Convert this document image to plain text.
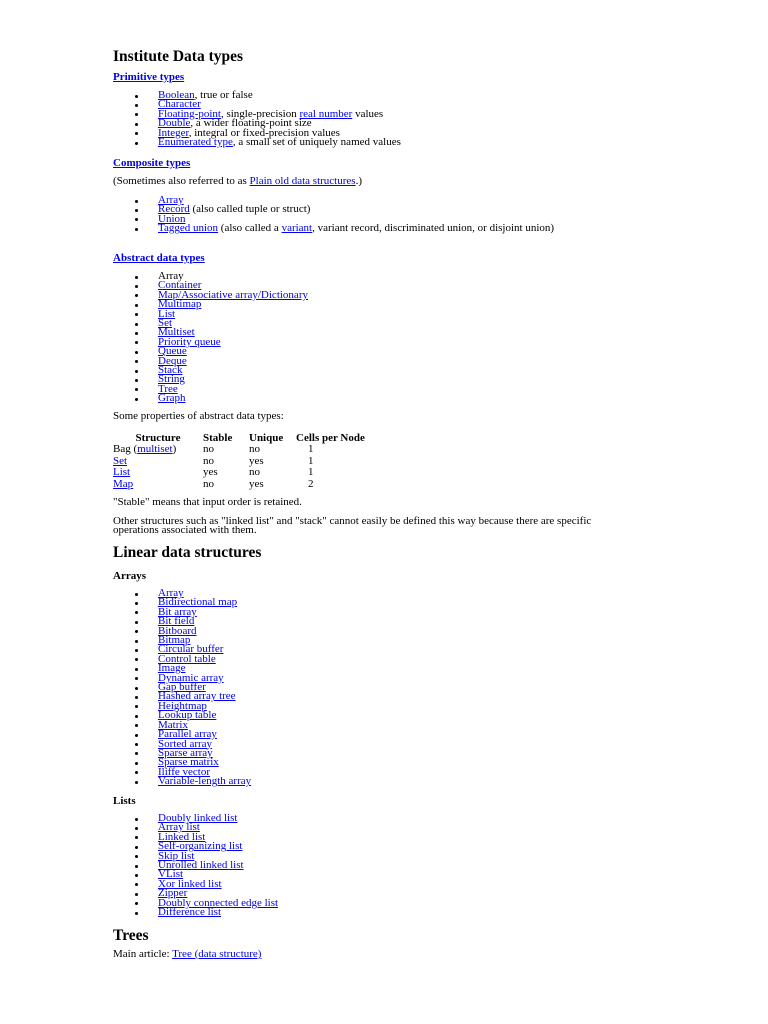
Institute Data types
Primitive types
Boolean, true or false
Character
Floating-point, single-precision real number values
Double, a wider floating-point size
Integer, integral or fixed-precision values
Enumerated type, a small set of uniquely named values
Composite types

(Sometimes also referred to as Plain old data structures.)

Array
Record (also called tuple or struct)
Union
Tagged union (also called a variant, variant record, discriminated union, or disjoint union)
Abstract data types
Array
Container
Map/Associative array/Dictionary
Multimap
List
Set
Multiset
Priority queue
Queue
Deque
Stack
String
Tree
Graph

Some properties of abstract data types:

Structure	Stable	Unique	Cells per Node
Bag (multiset)	no	no	1
Set	no	yes	1
List	yes	no	1
Map	no	yes	2

"Stable" means that input order is retained.

Other structures such as "linked list" and "stack" cannot easily be defined this way because there are specific operations associated with them.

Linear data structures
Arrays
Array
Bidirectional map
Bit array
Bit field
Bitboard
Bitmap
Circular buffer
Control table
Image
Dynamic array
Gap buffer
Hashed array tree
Heightmap
Lookup table
Matrix
Parallel array
Sorted array
Sparse array
Sparse matrix
Iliffe vector
Variable-length array
Lists
Doubly linked list
Array list
Linked list
Self-organizing list
Skip list
Unrolled linked list
VList
Xor linked list
Zipper
Doubly connected edge list
Difference list
Trees

Main article: Tree (data structure)
